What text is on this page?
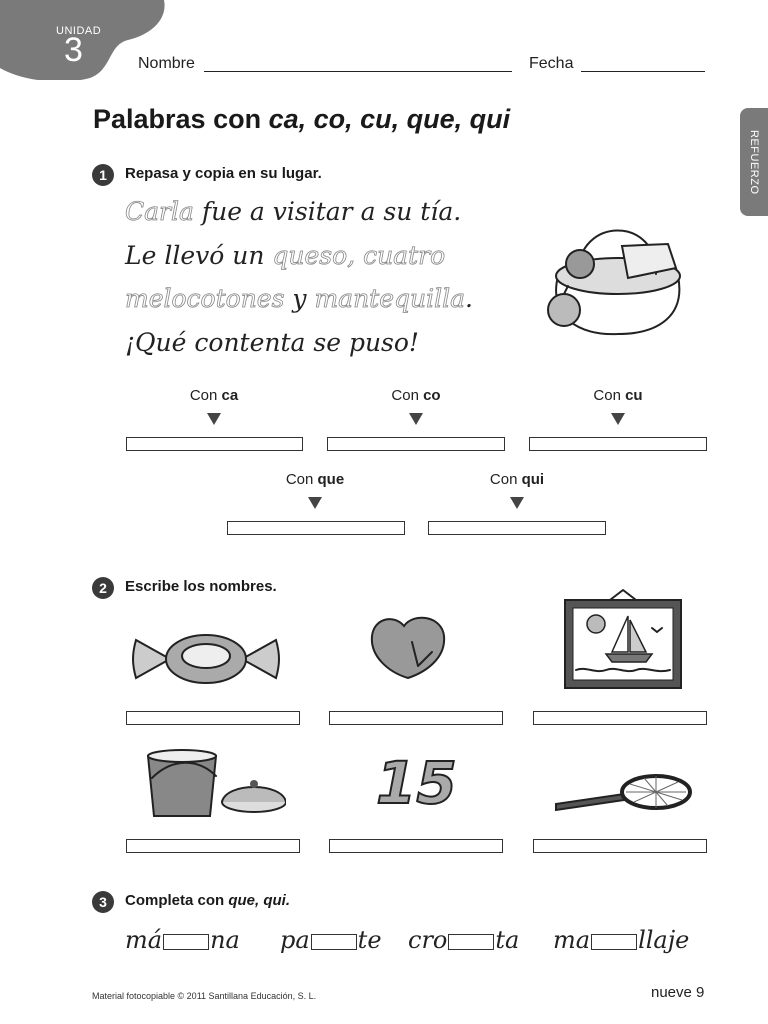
UNIDAD
3	Nombre	Fecha
REFUERZO
Palabras con ca, co, cu, que, qui
1	Repasa y copia en su lugar.
Carla fue a visitar a su tía.
Le llevó un queso, cuatro
melocotones y mantequilla.
¡Qué contenta se puso!
Con ca	Con co	Con cu
Con que	Con qui
2	Escribe los nombres.
15
3	Completa con que, qui.
má na pa te cro ta ma llaje
Material fotocopiable © 2011 Santillana Educación, S. L.	nueve 9
